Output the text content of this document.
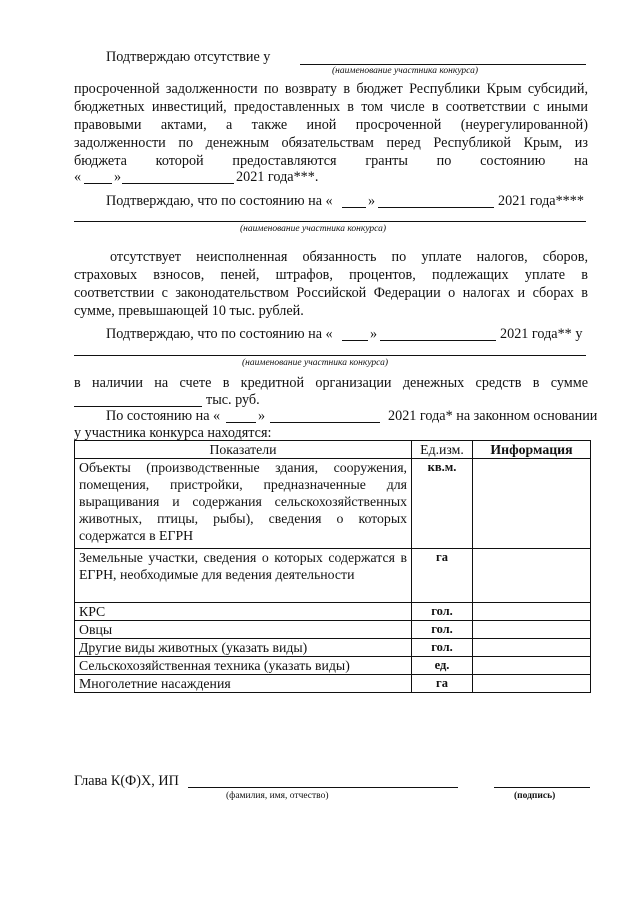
Подтверждаю отсутствие у
(наименование участника конкурса)
просроченной задолженности по возврату в бюджет Республики Крым субсидий,
бюджетных инвестиций, предоставленных в том числе в соответствии с иными
правовыми актами, а также иной просроченной (неурегулированной)
задолженности по денежным обязательствам перед Республикой Крым, из
бюджета которой предоставляются гранты по состоянию на
« »	2021 года***.
Подтверждаю, что по состоянию на « »	2021 года****
(наименование участника конкурса)
отсутствует неисполненная обязанность по уплате налогов, сборов,
страховых взносов, пеней, штрафов, процентов, подлежащих уплате в
соответствии с законодательством Российской Федерации о налогах и сборах в
сумме, превышающей 10 тыс. рублей.
Подтверждаю, что по состоянию на «	»	2021 года** у
(наименование участника конкурса)
в наличии на счете в кредитной организации денежных средств в сумме
тыс. руб.
По состоянию на «	»	2021 года* на законном основании
у участника конкурса находятся:
Показатели	Ед.изм.	Информация
Объекты (производственные здания, сооружения, помещения, пристройки, предназначенные для выращивания и содержания сельскохозяйственных животных, птицы, рыбы), сведения о которых содержатся в ЕГРН	кв.м.	
Земельные участки, сведения о которых содержатся в ЕГРН, необходимые для ведения деятельности	га	
КРС	гол.	
Овцы	гол.	
Другие виды животных (указать виды)	гол.	
Сельскохозяйственная техника (указать виды)	ед.	
Многолетние насаждения	га	
Глава К(Ф)Х, ИП
(фамилия, имя, отчество)	(подпись)
